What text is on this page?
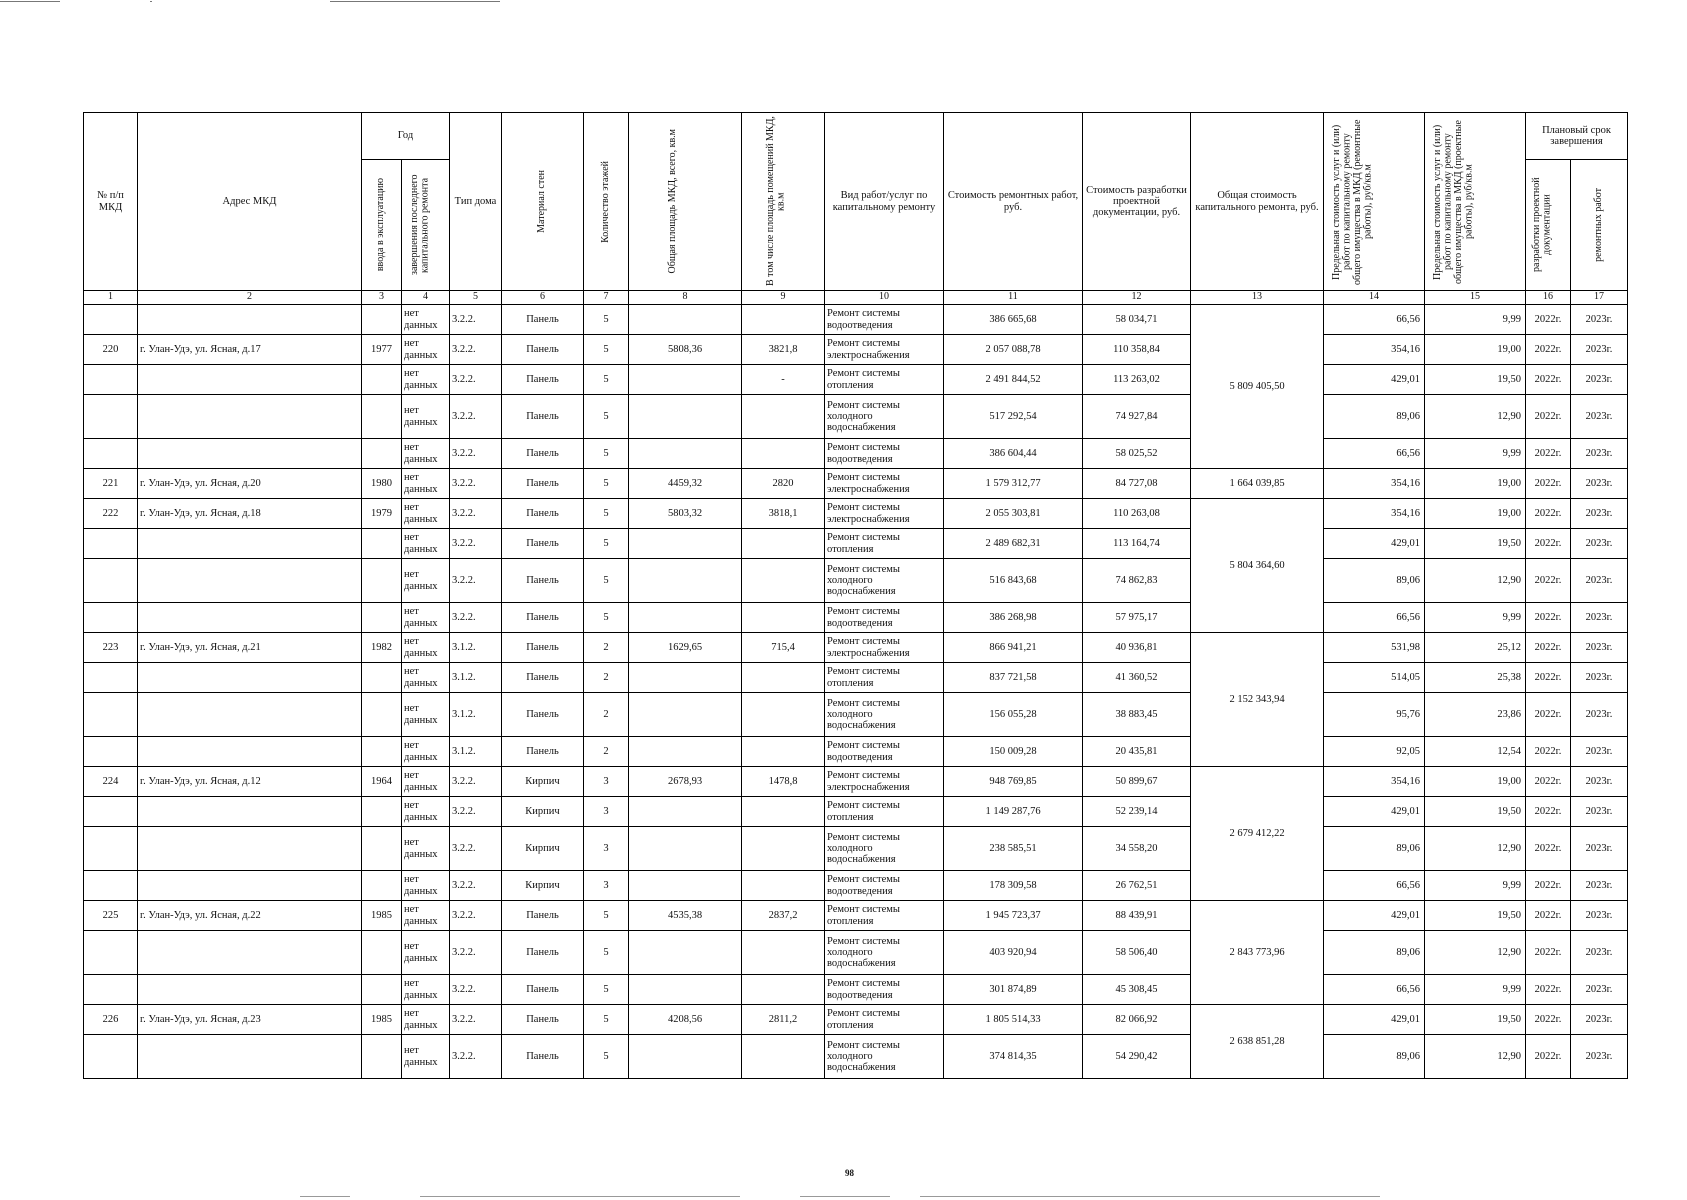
№ п/п МКД	Адрес МКД	Год		Тип дома	Материал стен	Количество этажей	Общая площадь МКД, всего, кв.м	В том числе площадь помещений МКД, кв.м	Вид работ/услуг по капитальному ремонту	Стоимость ремонтных работ, руб.	Стоимость разработки проектной документации, руб.	Общая стоимость капитального ремонта, руб.	Предельная стоимость услуг и (или) работ по капитальному ремонту общего имущества в МКД (ремонтные работы), руб/кв.м	Предельная стоимость услуг и (или) работ по капитальному ремонту общего имущества в МКД (проектные работы), руб/кв.м	Плановый срок завершения	

		ввода в эксплуатацию	завершения последнего капитального ремонта												разработки проектной документации	ремонтных работ

1	2	3	4	5	6	7	8	9	10	11	12	13	14	15	16	17
			нет данных	3.2.2.	Панель	5			Ремонт системы водоотведения	386 665,68	58 034,71	5 809 405,50	66,56	9,99	2022г.	2023г.
220	г. Улан-Удэ, ул. Ясная, д.17	1977	нет данных	3.2.2.	Панель	5	5808,36	3821,8	Ремонт системы электроснабжения	2 057 088,78	110 358,84		354,16	19,00	2022г.	2023г.
			нет данных	3.2.2.	Панель	5		-	Ремонт системы отопления	2 491 844,52	113 263,02		429,01	19,50	2022г.	2023г.
			нет данных	3.2.2.	Панель	5			Ремонт системы холодного водоснабжения	517 292,54	74 927,84		89,06	12,90	2022г.	2023г.
			нет данных	3.2.2.	Панель	5			Ремонт системы водоотведения	386 604,44	58 025,52		66,56	9,99	2022г.	2023г.
221	г. Улан-Удэ, ул. Ясная, д.20	1980	нет данных	3.2.2.	Панель	5	4459,32	2820	Ремонт системы электроснабжения	1 579 312,77	84 727,08	1 664 039,85	354,16	19,00	2022г.	2023г.
222	г. Улан-Удэ, ул. Ясная, д.18	1979	нет данных	3.2.2.	Панель	5	5803,32	3818,1	Ремонт системы электроснабжения	2 055 303,81	110 263,08	5 804 364,60	354,16	19,00	2022г.	2023г.
			нет данных	3.2.2.	Панель	5			Ремонт системы отопления	2 489 682,31	113 164,74		429,01	19,50	2022г.	2023г.
			нет данных	3.2.2.	Панель	5			Ремонт системы холодного водоснабжения	516 843,68	74 862,83		89,06	12,90	2022г.	2023г.
			нет данных	3.2.2.	Панель	5			Ремонт системы водоотведения	386 268,98	57 975,17		66,56	9,99	2022г.	2023г.
223	г. Улан-Удэ, ул. Ясная, д.21	1982	нет данных	3.1.2.	Панель	2	1629,65	715,4	Ремонт системы электроснабжения	866 941,21	40 936,81	2 152 343,94	531,98	25,12	2022г.	2023г.
			нет данных	3.1.2.	Панель	2			Ремонт системы отопления	837 721,58	41 360,52		514,05	25,38	2022г.	2023г.
			нет данных	3.1.2.	Панель	2			Ремонт системы холодного водоснабжения	156 055,28	38 883,45		95,76	23,86	2022г.	2023г.
			нет данных	3.1.2.	Панель	2			Ремонт системы водоотведения	150 009,28	20 435,81		92,05	12,54	2022г.	2023г.
224	г. Улан-Удэ, ул. Ясная, д.12	1964	нет данных	3.2.2.	Кирпич	3	2678,93	1478,8	Ремонт системы электроснабжения	948 769,85	50 899,67	2 679 412,22	354,16	19,00	2022г.	2023г.
			нет данных	3.2.2.	Кирпич	3			Ремонт системы отопления	1 149 287,76	52 239,14		429,01	19,50	2022г.	2023г.
			нет данных	3.2.2.	Кирпич	3			Ремонт системы холодного водоснабжения	238 585,51	34 558,20		89,06	12,90	2022г.	2023г.
			нет данных	3.2.2.	Кирпич	3			Ремонт системы водоотведения	178 309,58	26 762,51		66,56	9,99	2022г.	2023г.
225	г. Улан-Удэ, ул. Ясная, д.22	1985	нет данных	3.2.2.	Панель	5	4535,38	2837,2	Ремонт системы отопления	1 945 723,37	88 439,91	2 843 773,96	429,01	19,50	2022г.	2023г.
			нет данных	3.2.2.	Панель	5			Ремонт системы холодного водоснабжения	403 920,94	58 506,40		89,06	12,90	2022г.	2023г.
			нет данных	3.2.2.	Панель	5			Ремонт системы водоотведения	301 874,89	45 308,45		66,56	9,99	2022г.	2023г.
226	г. Улан-Удэ, ул. Ясная, д.23	1985	нет данных	3.2.2.	Панель	5	4208,56	2811,2	Ремонт системы отопления	1 805 514,33	82 066,92	2 638 851,28	429,01	19,50	2022г.	2023г.
			нет данных	3.2.2.	Панель	5			Ремонт системы холодного водоснабжения	374 814,35	54 290,42		89,06	12,90	2022г.	2023г.
98
